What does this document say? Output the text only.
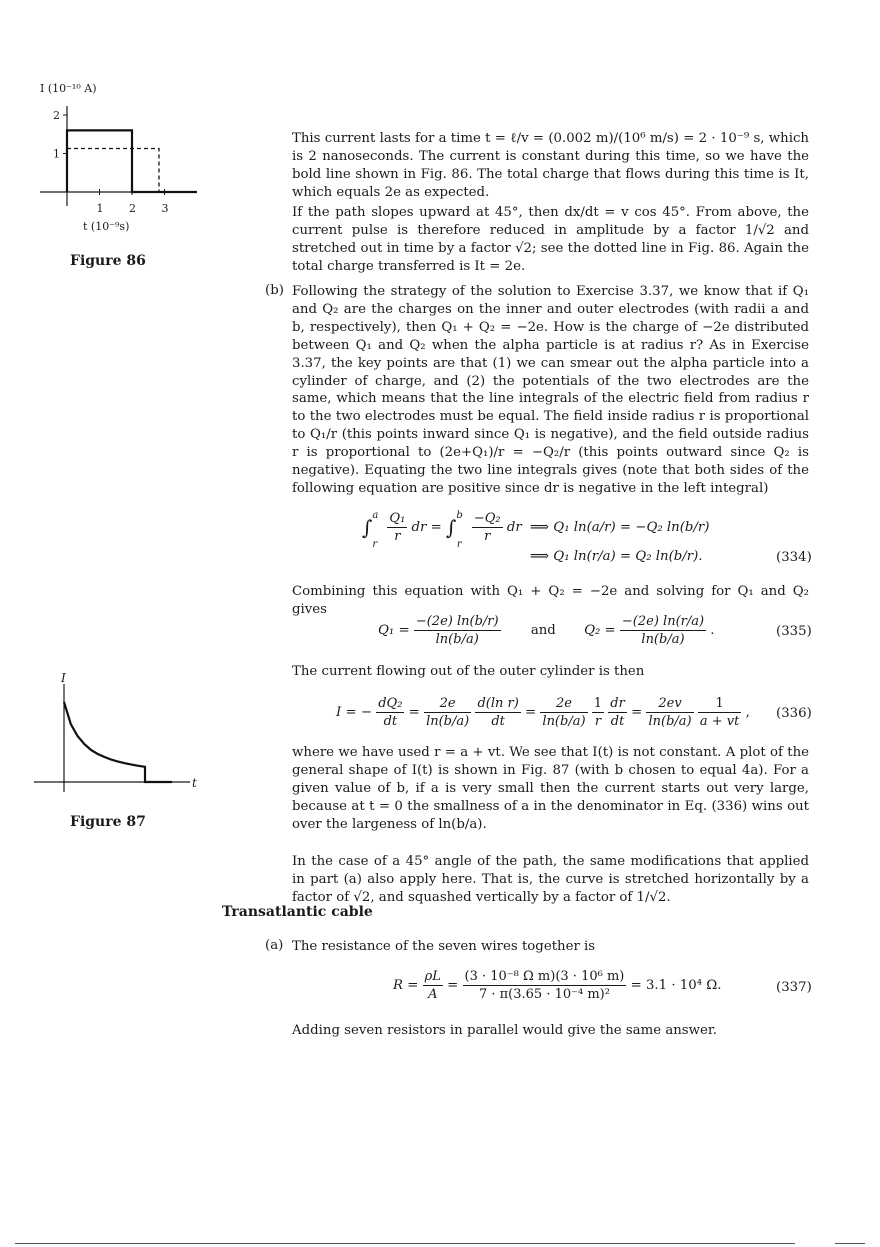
I (10⁻¹⁰ A)
1
2
1 2 3
t (10⁻⁹s)
Figure 86
I
t
Figure 87
This current lasts for a time t = ℓ/v = (0.002 m)/(10⁶ m/s) = 2 · 10⁻⁹ s, which is 2 nanoseconds. The current is constant during this time, so we have the bold line shown in Fig. 86. The total charge that flows during this time is It, which equals 2e as expected.
If the path slopes upward at 45°, then dx/dt = v cos 45°. From above, the current pulse is therefore reduced in amplitude by a factor 1/√2 and stretched out in time by a factor √2; see the dotted line in Fig. 86. Again the total charge transferred is It = 2e.
(b) Following the strategy of the solution to Exercise 3.37, we know that if Q₁ and Q₂ are the charges on the inner and outer electrodes (with radii a and b, respectively), then Q₁ + Q₂ = −2e. How is the charge of −2e distributed between Q₁ and Q₂ when the alpha particle is at radius r? As in Exercise 3.37, the key points are that (1) we can smear out the alpha particle into a cylinder of charge, and (2) the potentials of the two electrodes are the same, which means that the line integrals of the electric field from radius r to the two electrodes must be equal. The field inside radius r is proportional to Q₁/r (this points inward since Q₁ is negative), and the field outside radius r is proportional to (2e+Q₁)/r = −Q₂/r (this points outward since Q₂ is negative). Equating the two line integrals gives (note that both sides of the following equation are positive since dr is negative in the left integral)
$\int^a_r \frac{\text{Q₁}}{r}$ dr = $\int^b_r \frac{\text{−Q₂}}{r}$ dr ⟹ Q₁ ln(a/r) = −Q₂ ln(b/r)
⟹ Q₁ ln(r/a) = Q₂ ln(b/r).	(334)
Combining this equation with Q₁ + Q₂ = −2e and solving for Q₁ and Q₂ gives
$Q_1 = \frac{-(2e) \ln(b/r)}{\ln(b/a)}$ and $Q_2 = \frac{-(2e) \ln(r/a)}{\ln(b/a)}$ .	(335)
The current flowing out of the outer cylinder is then
I = − $\frac{\text{dQ₂}}{dt} = \frac{2e}{\ln(b/a)}$
$\frac{\text{d(ln r)}}{dt} = \frac{2e}{\ln(b/a)}$
$\frac{1}{r}$
$\frac{dr}{dt} = \frac{2ev}{\ln(b/a)}$
$\frac{1}{a + vt}$ , (336)
where we have used r = a + vt. We see that I(t) is not constant. A plot of the general shape of I(t) is shown in Fig. 87 (with b chosen to equal 4a). For a given value of b, if a is very small then the current starts out very large, because at t = 0 the smallness of a in the denominator in Eq. (336) wins out over the largeness of ln(b/a).
In the case of a 45° angle of the path, the same modifications that applied in part (a) also apply here. That is, the curve is stretched horizontally by a factor of √2, and squashed vertically by a factor of 1/√2.
Transatlantic cable
(a) The resistance of the seven wires together is
$R = \frac{\rho L}{A} = \frac{\text{(3 · 10⁻⁸ Ω m)(3 · 10⁶ m)}}{\text{7 · π(3.65 · 10⁻⁴ m)²}} = 3.1 \cdot 10^4$ Ω.	(337)
Adding seven resistors in parallel would give the same answer.
